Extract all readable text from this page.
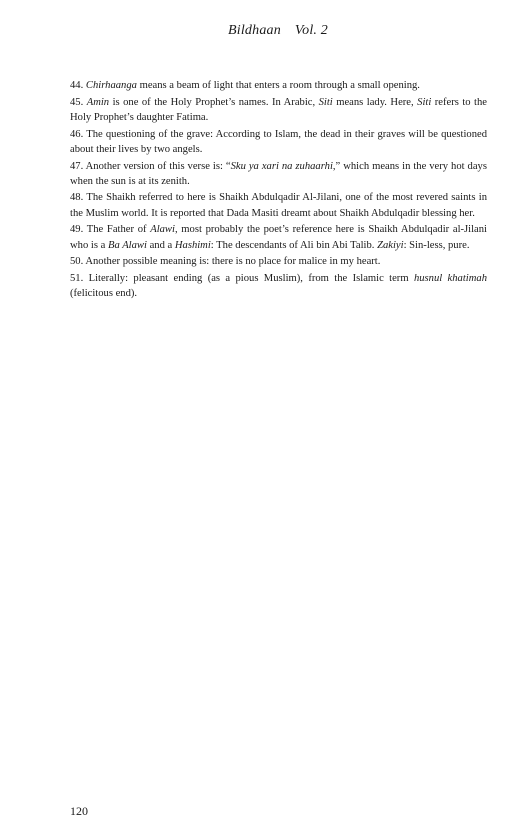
Bildhaan Vol. 2

44. Chirhaanga means a beam of light that enters a room through a small opening.

45. Amin is one of the Holy Prophet’s names. In Arabic, Siti means lady. Here, Siti refers to the Holy Prophet’s daughter Fatima.

46. The questioning of the grave: According to Islam, the dead in their graves will be questioned about their lives by two angels.

47. Another version of this verse is: “Sku ya xari na zuhaarhi,” which means in the very hot days when the sun is at its zenith.

48. The Shaikh referred to here is Shaikh Abdulqadir Al-Jilani, one of the most revered saints in the Muslim world. It is reported that Dada Masiti dreamt about Shaikh Abdulqadir blessing her.

49. The Father of Alawi, most probably the poet’s reference here is Shaikh Abdulqadir al-Jilani who is a Ba Alawi and a Hashimi: The descendants of Ali bin Abi Talib. Zakiyi: Sin-less, pure.

50. Another possible meaning is: there is no place for malice in my heart.

51. Literally: pleasant ending (as a pious Muslim), from the Islamic term husnul khatimah (felicitous end).

120
